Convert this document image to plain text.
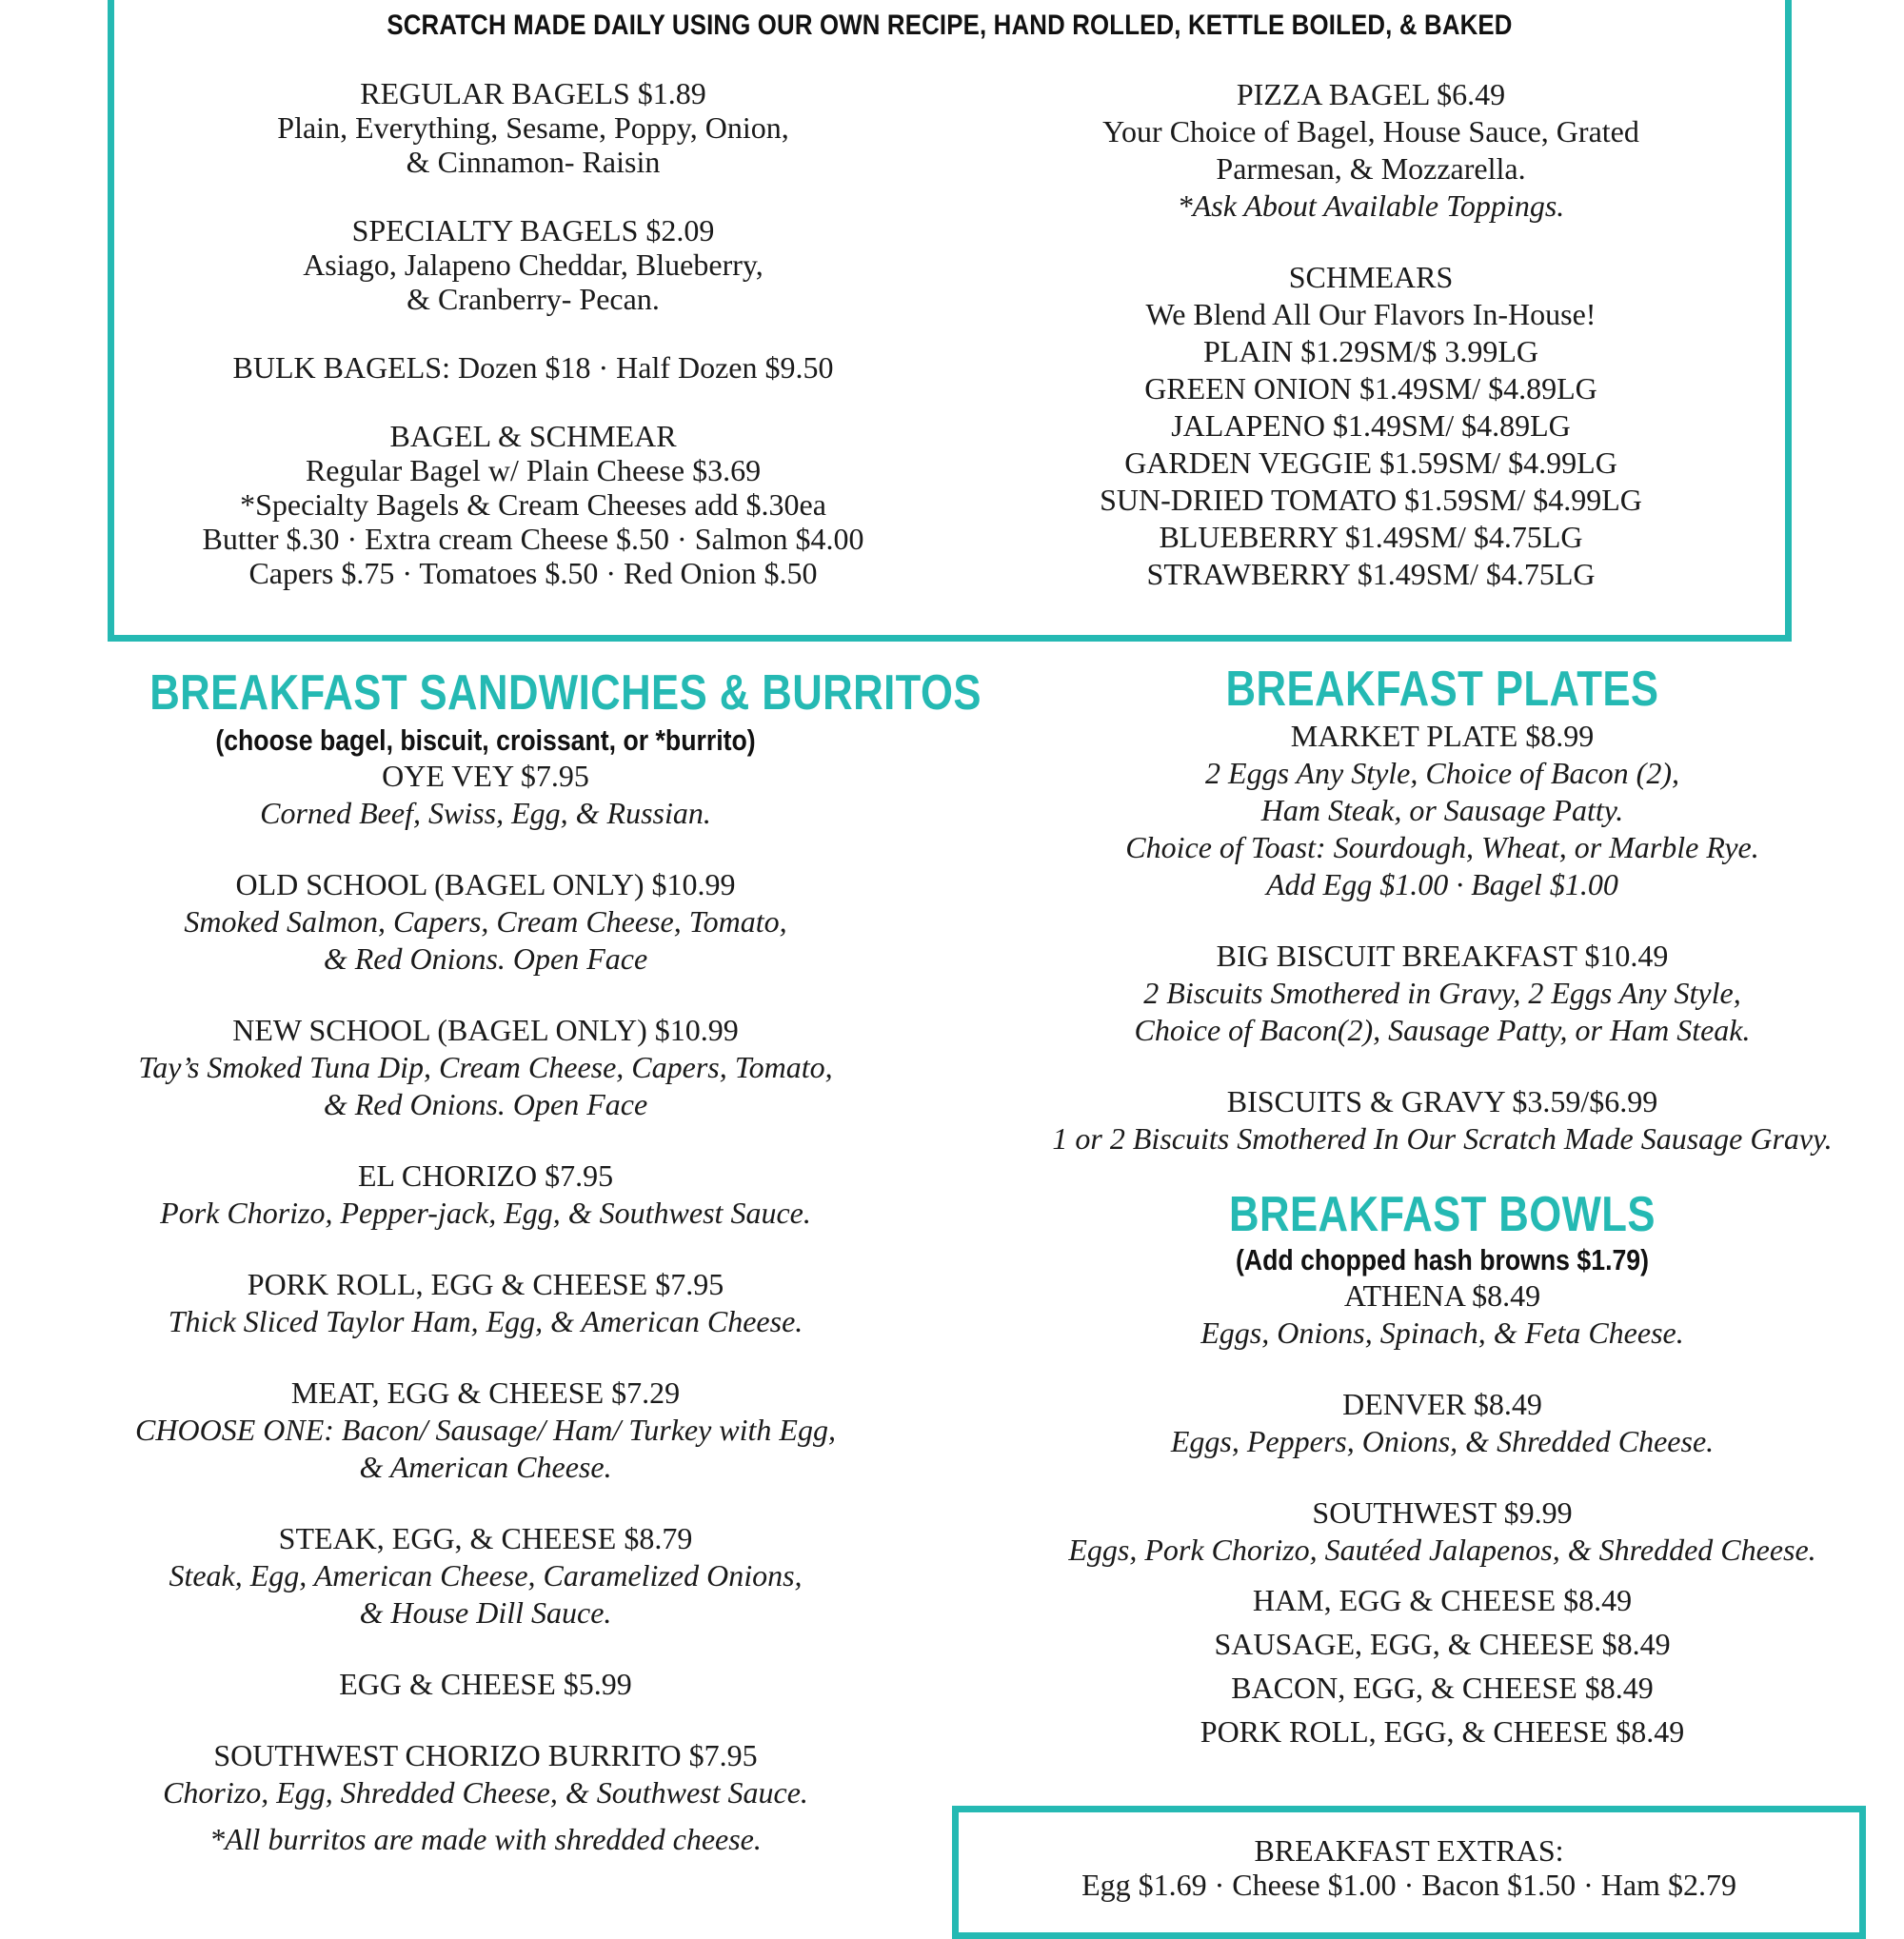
SCRATCH MADE DAILY USING OUR OWN RECIPE, HAND ROLLED, KETTLE BOILED, & BAKED
REGULAR BAGELS $1.89
Plain, Everything, Sesame, Poppy, Onion,
& Cinnamon- Raisin
SPECIALTY BAGELS $2.09
Asiago, Jalapeno Cheddar, Blueberry,
& Cranberry- Pecan.
BULK BAGELS: Dozen $18 · Half Dozen $9.50
BAGEL & SCHMEAR
Regular Bagel w/ Plain Cheese $3.69
*Specialty Bagels & Cream Cheeses add $.30ea
Butter $.30 · Extra cream Cheese $.50 · Salmon $4.00
Capers $.75 · Tomatoes $.50 · Red Onion $.50
PIZZA BAGEL $6.49
Your Choice of Bagel, House Sauce, Grated
Parmesan, & Mozzarella.
*Ask About Available Toppings.
SCHMEARS
We Blend All Our Flavors In-House!
PLAIN $1.29SM/$ 3.99LG
GREEN ONION $1.49SM/ $4.89LG
JALAPENO $1.49SM/ $4.89LG
GARDEN VEGGIE $1.59SM/ $4.99LG
SUN-DRIED TOMATO $1.59SM/ $4.99LG
BLUEBERRY $1.49SM/ $4.75LG
STRAWBERRY $1.49SM/ $4.75LG
BREAKFAST SANDWICHES & BURRITOS
(choose bagel, biscuit, croissant, or *burrito)
OYE VEY $7.95
Corned Beef, Swiss, Egg, & Russian.
OLD SCHOOL (BAGEL ONLY) $10.99
Smoked Salmon, Capers, Cream Cheese, Tomato,
& Red Onions. Open Face
NEW SCHOOL (BAGEL ONLY) $10.99
Tay’s Smoked Tuna Dip, Cream Cheese, Capers, Tomato,
& Red Onions. Open Face
EL CHORIZO $7.95
Pork Chorizo, Pepper-jack, Egg, & Southwest Sauce.
PORK ROLL, EGG & CHEESE $7.95
Thick Sliced Taylor Ham, Egg, & American Cheese.
MEAT, EGG & CHEESE $7.29
CHOOSE ONE: Bacon/ Sausage/ Ham/ Turkey with Egg,
& American Cheese.
STEAK, EGG, & CHEESE $8.79
Steak, Egg, American Cheese, Caramelized Onions,
& House Dill Sauce.
EGG & CHEESE $5.99
SOUTHWEST CHORIZO BURRITO $7.95
Chorizo, Egg, Shredded Cheese, & Southwest Sauce.
*All burritos are made with shredded cheese.
BREAKFAST PLATES
MARKET PLATE $8.99
2 Eggs Any Style, Choice of Bacon (2),
Ham Steak, or Sausage Patty.
Choice of Toast: Sourdough, Wheat, or Marble Rye.
Add Egg $1.00 · Bagel $1.00
BIG BISCUIT BREAKFAST $10.49
2 Biscuits Smothered in Gravy, 2 Eggs Any Style,
Choice of Bacon(2), Sausage Patty, or Ham Steak.
BISCUITS & GRAVY $3.59/$6.99
1 or 2 Biscuits Smothered In Our Scratch Made Sausage Gravy.
BREAKFAST BOWLS
(Add chopped hash browns $1.79)
ATHENA $8.49
Eggs, Onions, Spinach, & Feta Cheese.
DENVER $8.49
Eggs, Peppers, Onions, & Shredded Cheese.
SOUTHWEST $9.99
Eggs, Pork Chorizo, Sautéed Jalapenos, & Shredded Cheese.
HAM, EGG & CHEESE $8.49
SAUSAGE, EGG, & CHEESE $8.49
BACON, EGG, & CHEESE $8.49
PORK ROLL, EGG, & CHEESE $8.49
BREAKFAST EXTRAS:
Egg $1.69 · Cheese $1.00 · Bacon $1.50 · Ham $2.79
